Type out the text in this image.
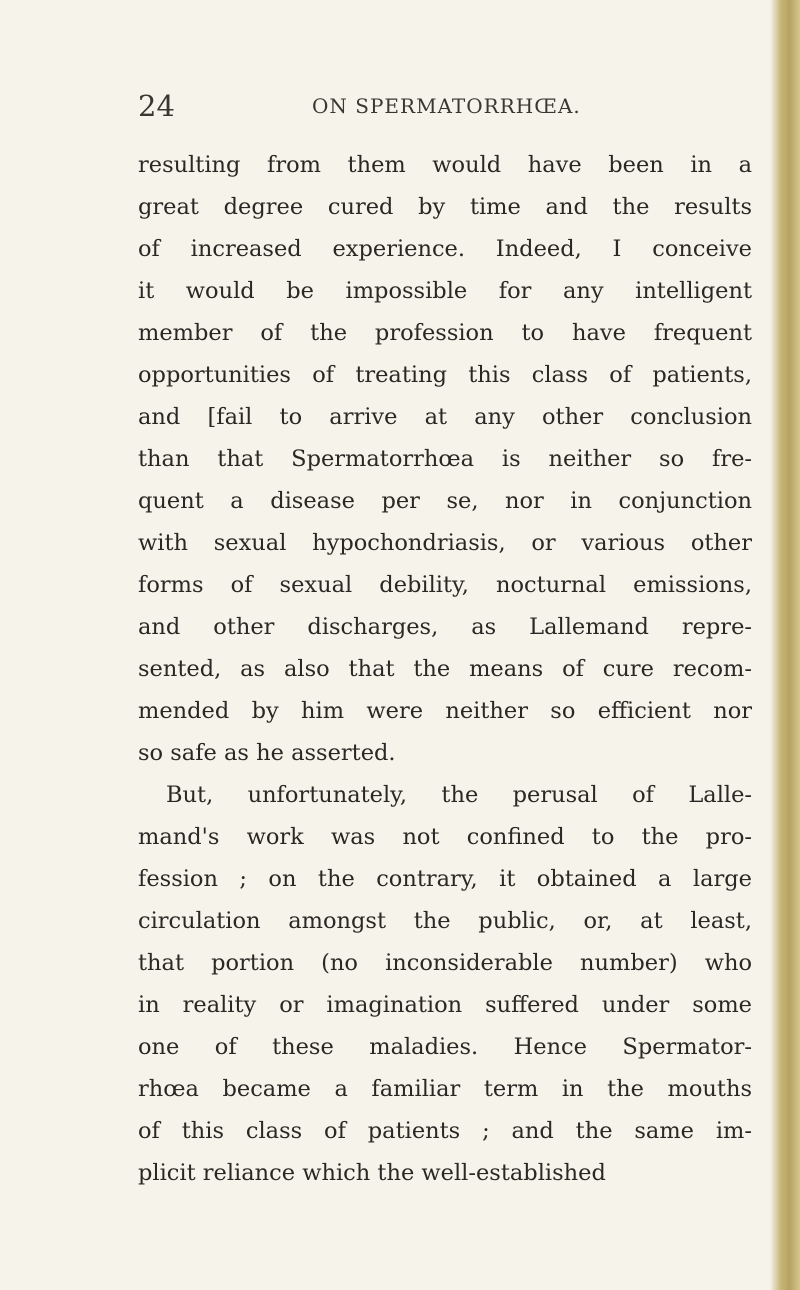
24	ON SPERMATORRHŒA.
resulting from them would have been in a
great degree cured by time and the results
of increased experience. Indeed, I conceive
it would be impossible for any intelligent
member of the profession to have frequent
opportunities of treating this class of patients,
and [fail to arrive at any other conclusion
than that Spermatorrhœa is neither so fre-
quent a disease per se, nor in conjunction
with sexual hypochondriasis, or various other
forms of sexual debility, nocturnal emissions,
and other discharges, as Lallemand repre-
sented, as also that the means of cure recom-
mended by him were neither so efficient nor
so safe as he asserted.
But, unfortunately, the perusal of Lalle-
mand's work was not confined to the pro-
fession ; on the contrary, it obtained a large
circulation amongst the public, or, at least,
that portion (no inconsiderable number) who
in reality or imagination suffered under some
one of these maladies. Hence Spermator-
rhœa became a familiar term in the mouths
of this class of patients ; and the same im-
plicit reliance which the well-established
